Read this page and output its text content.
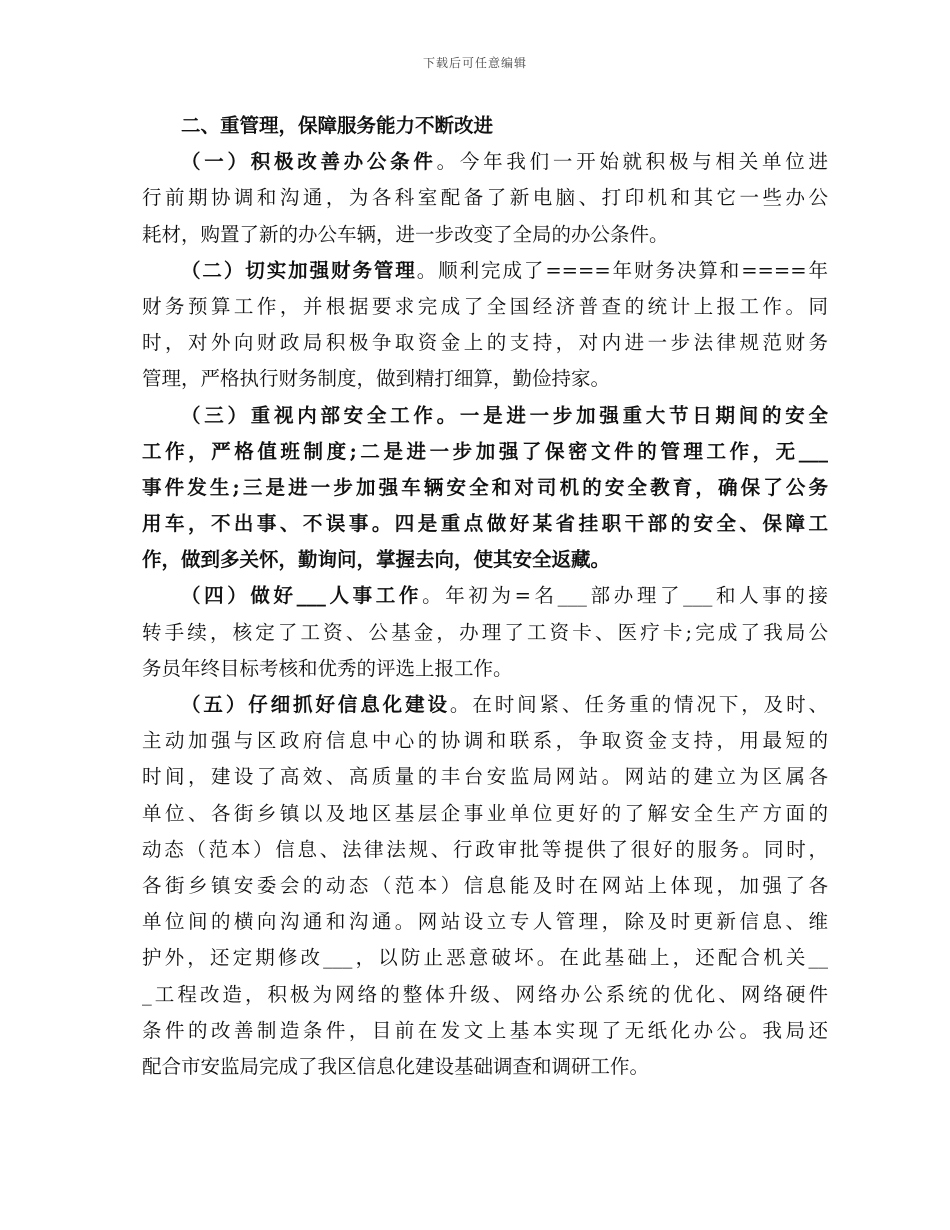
下载后可任意编辑
二、重管理，保障服务能力不断改进
（一）积极改善办公条件。今年我们一开始就积极与相关单位进
行前期协调和沟通，为各科室配备了新电脑、打印机和其它一些办公
耗材，购置了新的办公车辆，进一步改变了全局的办公条件。
（二）切实加强财务管理。顺利完成了====年财务决算和====年
财务预算工作，并根据要求完成了全国经济普查的统计上报工作。同
时，对外向财政局积极争取资金上的支持，对内进一步法律规范财务
管理，严格执行财务制度，做到精打细算，勤俭持家。
（三）重视内部安全工作。一是进一步加强重大节日期间的安全
工作，严格值班制度;二是进一步加强了保密文件的管理工作，无___
事件发生;三是进一步加强车辆安全和对司机的安全教育，确保了公务
用车，不出事、不误事。四是重点做好某省挂职干部的安全、保障工
作，做到多关怀，勤询问，掌握去向，使其安全返藏。
（四）做好___人事工作。年初为=名___部办理了___和人事的接
转手续，核定了工资、公基金，办理了工资卡、医疗卡;完成了我局公
务员年终目标考核和优秀的评选上报工作。
（五）仔细抓好信息化建设。在时间紧、任务重的情况下，及时、
主动加强与区政府信息中心的协调和联系，争取资金支持，用最短的
时间，建设了高效、高质量的丰台安监局网站。网站的建立为区属各
单位、各街乡镇以及地区基层企事业单位更好的了解安全生产方面的
动态（范本）信息、法律法规、行政审批等提供了很好的服务。同时，
各街乡镇安委会的动态（范本）信息能及时在网站上体现，加强了各
单位间的横向沟通和沟通。网站设立专人管理，除及时更新信息、维
护外，还定期修改___，以防止恶意破坏。在此基础上，还配合机关__
_工程改造，积极为网络的整体升级、网络办公系统的优化、网络硬件
条件的改善制造条件，目前在发文上基本实现了无纸化办公。我局还
配合市安监局完成了我区信息化建设基础调查和调研工作。
